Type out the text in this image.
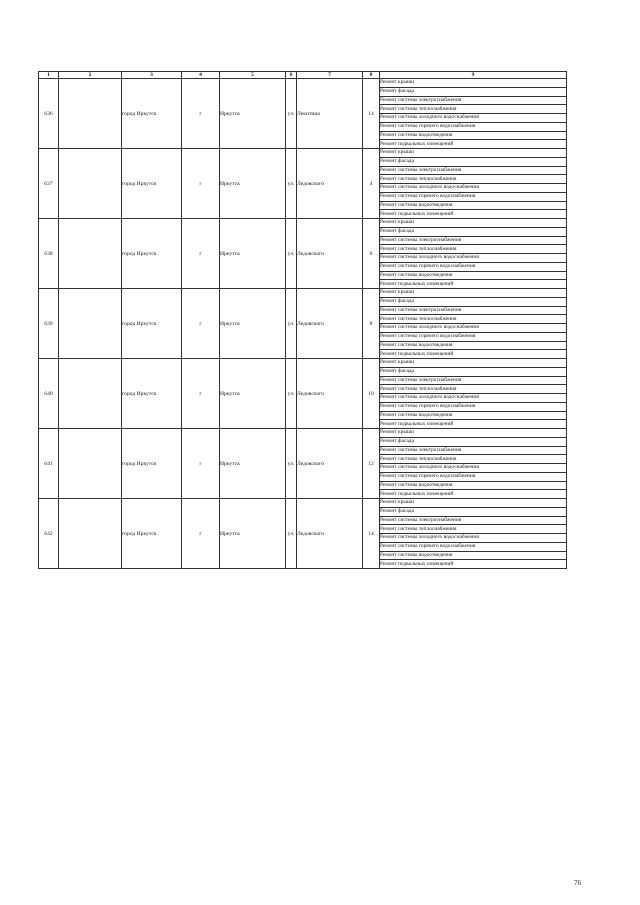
1	2	3	4	5	6	7	8	9
636		город Иркутск	г	Иркутск	ул.	Лекитина	14	Ремонт крыши
								Ремонт фасада
								Ремонт системы электроснабжения
								Ремонт системы теплоснабжения
								Ремонт системы холодного водоснабжения
								Ремонт системы горячего водоснабжения
								Ремонт системы водоотведения
								Ремонт подвальных помещений
637		город Иркутск	г	Иркутск	ул.	Ледовского	4	Ремонт крыши
								Ремонт фасада
								Ремонт системы электроснабжения
								Ремонт системы теплоснабжения
								Ремонт системы холодного водоснабжения
								Ремонт системы горячего водоснабжения
								Ремонт системы водоотведения
								Ремонт подвальных помещений
638		город Иркутск	г	Иркутск	ул.	Ледовского	6	Ремонт крыши
								Ремонт фасада
								Ремонт системы электроснабжения
								Ремонт системы теплоснабжения
								Ремонт системы холодного водоснабжения
								Ремонт системы горячего водоснабжения
								Ремонт системы водоотведения
								Ремонт подвальных помещений
639		город Иркутск	г	Иркутск	ул.	Ледовского	8	Ремонт крыши
								Ремонт фасада
								Ремонт системы электроснабжения
								Ремонт системы теплоснабжения
								Ремонт системы холодного водоснабжения
								Ремонт системы горячего водоснабжения
								Ремонт системы водоотведения
								Ремонт подвальных помещений
640		город Иркутск	г	Иркутск	ул.	Ледовского	10	Ремонт крыши
								Ремонт фасада
								Ремонт системы электроснабжения
								Ремонт системы теплоснабжения
								Ремонт системы холодного водоснабжения
								Ремонт системы горячего водоснабжения
								Ремонт системы водоотведения
								Ремонт подвальных помещений
641		город Иркутск	г	Иркутск	ул.	Ледовского	12	Ремонт крыши
								Ремонт фасада
								Ремонт системы электроснабжения
								Ремонт системы теплоснабжения
								Ремонт системы холодного водоснабжения
								Ремонт системы горячего водоснабжения
								Ремонт системы водоотведения
								Ремонт подвальных помещений
642		город Иркутск	г	Иркутск	ул.	Ледовского	14	Ремонт крыши
								Ремонт фасада
								Ремонт системы электроснабжения
								Ремонт системы теплоснабжения
								Ремонт системы холодного водоснабжения
								Ремонт системы горячего водоснабжения
								Ремонт системы водоотведения
								Ремонт подвальных помещений
76
